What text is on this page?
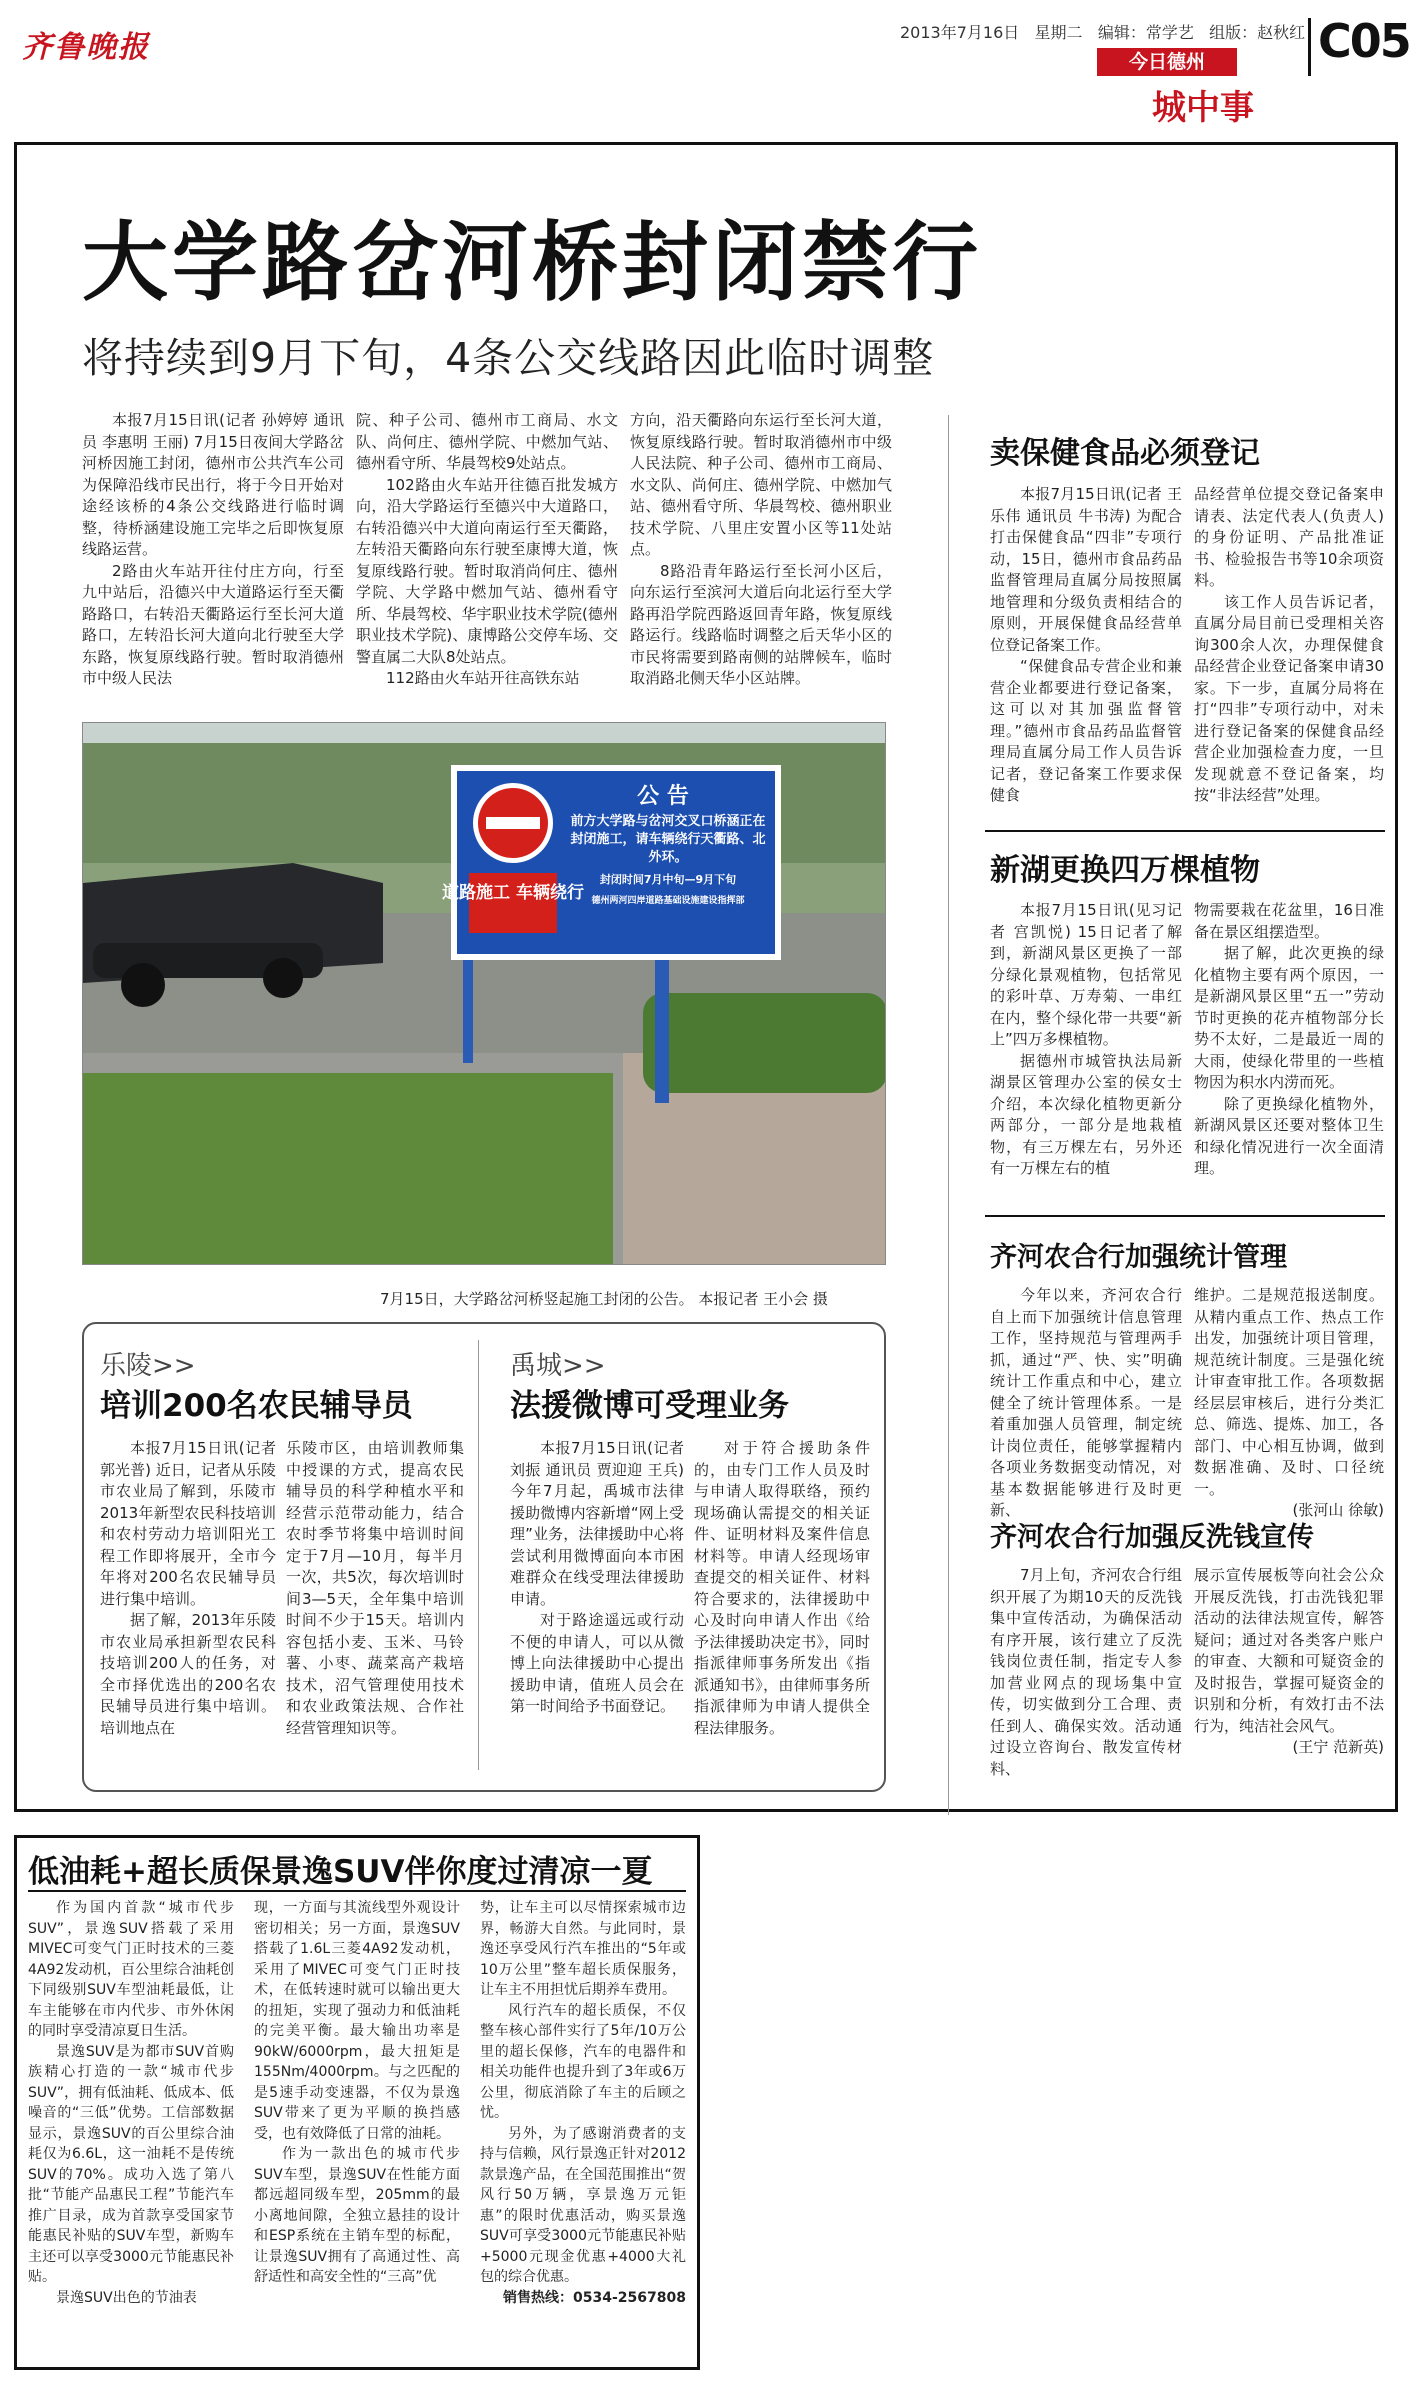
齐鲁晚报	2013年7月16日 星期二 编辑：常学艺 组版：赵秋红 C05
今日德州
城中事
大学路岔河桥封闭禁行
将持续到9月下旬，4条公交线路因此临时调整

本报7月15日讯(记者 孙婷婷 通讯员 李惠明 王丽) 7月15日夜间大学路岔河桥因施工封闭，德州市公共汽车公司为保障沿线市民出行，将于今日开始对途经该桥的4条公交线路进行临时调整，待桥涵建设施工完毕之后即恢复原线路运营。

2路由火车站开往付庄方向，行至九中站后，沿德兴中大道路运行至天衢路路口，右转沿天衢路运行至长河大道路口，左转沿长河大道向北行驶至大学东路，恢复原线路行驶。暂时取消德州市中级人民法

院、种子公司、德州市工商局、水文队、尚何庄、德州学院、中燃加气站、德州看守所、华晨驾校9处站点。

102路由火车站开往德百批发城方向，沿大学路运行至德兴中大道路口，右转沿德兴中大道向南运行至天衢路，左转沿天衢路向东行驶至康博大道，恢复原线路行驶。暂时取消尚何庄、德州学院、大学路中燃加气站、德州看守所、华晨驾校、华宇职业技术学院(德州职业技术学院)、康博路公交停车场、交警直属二大队8处站点。

112路由火车站开往高铁东站

方向，沿天衢路向东运行至长河大道，恢复原线路行驶。暂时取消德州市中级人民法院、种子公司、德州市工商局、水文队、尚何庄、德州学院、中燃加气站、德州看守所、华晨驾校、德州职业技术学院、八里庄安置小区等11处站点。

8路沿青年路运行至长河小区后，向东运行至滨河大道后向北运行至大学路再沿学院西路返回青年路，恢复原线路运行。线路临时调整之后天华小区的市民将需要到路南侧的站牌候车，临时取消路北侧天华小区站牌。

道路施工 车辆绕行
公 告
前方大学路与岔河交叉口桥涵正在封闭施工，请车辆绕行天衢路、北外环。
封闭时间7月中旬—9月下旬
德州两河四岸道路基础设施建设指挥部
7月15日，大学路岔河桥竖起施工封闭的公告。 本报记者 王小会 摄
卖保健食品必须登记

本报7月15日讯(记者 王乐伟 通讯员 牛书涛) 为配合打击保健食品“四非”专项行动，15日，德州市食品药品监督管理局直属分局按照属地管理和分级负责相结合的原则，开展保健食品经营单位登记备案工作。

“保健食品专营企业和兼营企业都要进行登记备案，这可以对其加强监督管理。”德州市食品药品监督管理局直属分局工作人员告诉记者，登记备案工作要求保健食

品经营单位提交登记备案申请表、法定代表人(负责人)的身份证明、产品批准证书、检验报告书等10余项资料。

该工作人员告诉记者，直属分局目前已受理相关咨询300余人次，办理保健食品经营企业登记备案申请30家。下一步，直属分局将在打“四非”专项行动中，对未进行登记备案的保健食品经营企业加强检查力度，一旦发现就意不登记备案，均按“非法经营”处理。

新湖更换四万棵植物

本报7月15日讯(见习记者 宫凯悦) 15日记者了解到，新湖风景区更换了一部分绿化景观植物，包括常见的彩叶草、万寿菊、一串红在内，整个绿化带一共要“新上”四万多棵植物。

据德州市城管执法局新湖景区管理办公室的侯女士介绍，本次绿化植物更新分两部分，一部分是地栽植物，有三万棵左右，另外还有一万棵左右的植

物需要栽在花盆里，16日准备在景区组摆造型。

据了解，此次更换的绿化植物主要有两个原因，一是新湖风景区里“五一”劳动节时更换的花卉植物部分长势不太好，二是最近一周的大雨，使绿化带里的一些植物因为积水内涝而死。

除了更换绿化植物外，新湖风景区还要对整体卫生和绿化情况进行一次全面清理。

齐河农合行加强统计管理

今年以来，齐河农合行自上而下加强统计信息管理工作，坚持规范与管理两手抓，通过“严、快、实”明确统计工作重点和中心，建立健全了统计管理体系。一是着重加强人员管理，制定统计岗位责任，能够掌握精内各项业务数据变动情况，对基本数据能够进行及时更新、

维护。二是规范报送制度。从精内重点工作、热点工作出发，加强统计项目管理，规范统计制度。三是强化统计审查审批工作。各项数据经层层审核后，进行分类汇总、筛选、提炼、加工，各部门、中心相互协调，做到数据准确、及时、口径统一。

(张河山 徐敏)

齐河农合行加强反洗钱宣传

7月上旬，齐河农合行组织开展了为期10天的反洗钱集中宣传活动，为确保活动有序开展，该行建立了反洗钱岗位责任制，指定专人参加营业网点的现场集中宣传，切实做到分工合理、责任到人、确保实效。活动通过设立咨询台、散发宣传材料、

展示宣传展板等向社会公众开展反洗钱，打击洗钱犯罪活动的法律法规宣传，解答疑问；通过对各类客户账户的审查、大额和可疑资金的及时报告，掌握可疑资金的识别和分析，有效打击不法行为，纯洁社会风气。

(王宁 范新英)

乐陵>>
培训200名农民辅导员

本报7月15日讯(记者 郭光普) 近日，记者从乐陵市农业局了解到，乐陵市2013年新型农民科技培训和农村劳动力培训阳光工程工作即将展开，全市今年将对200名农民辅导员进行集中培训。

据了解，2013年乐陵市农业局承担新型农民科技培训200人的任务，对全市择优选出的200名农民辅导员进行集中培训。培训地点在

乐陵市区，由培训教师集中授课的方式，提高农民辅导员的科学种植水平和经营示范带动能力，结合农时季节将集中培训时间定于7月—10月，每半月一次，共5次，每次培训时间3—5天，全年集中培训时间不少于15天。培训内容包括小麦、玉米、马铃薯、小枣、蔬菜高产栽培技术，沼气管理使用技术和农业政策法规、合作社经营管理知识等。

禹城>>
法援微博可受理业务

本报7月15日讯(记者 刘振 通讯员 贾迎迎 王兵) 今年7月起，禹城市法律援助微博内容新增“网上受理”业务，法律援助中心将尝试利用微博面向本市困难群众在线受理法律援助申请。

对于路途遥远或行动不便的申请人，可以从微博上向法律援助中心提出援助申请，值班人员会在第一时间给予书面登记。

对于符合援助条件的，由专门工作人员及时与申请人取得联络，预约现场确认需提交的相关证件、证明材料及案件信息材料等。申请人经现场审查提交的相关证件、材料符合要求的，法律援助中心及时向申请人作出《给予法律援助决定书》，同时指派律师事务所发出《指派通知书》，由律师事务所指派律师为申请人提供全程法律服务。

低油耗+超长质保景逸SUV伴你度过清凉一夏

作为国内首款“城市代步SUV”，景逸SUV搭载了采用MIVEC可变气门正时技术的三菱4A92发动机，百公里综合油耗创下同级别SUV车型油耗最低，让车主能够在市内代步、市外休闲的同时享受清凉夏日生活。

景逸SUV是为都市SUV首购族精心打造的一款“城市代步SUV”，拥有低油耗、低成本、低噪音的“三低”优势。工信部数据显示，景逸SUV的百公里综合油耗仅为6.6L，这一油耗不是传统SUV的70%。成功入选了第八批“节能产品惠民工程”节能汽车推广目录，成为首款享受国家节能惠民补贴的SUV车型，新购车主还可以享受3000元节能惠民补贴。

景逸SUV出色的节油表

现，一方面与其流线型外观设计密切相关；另一方面，景逸SUV搭载了1.6L三菱4A92发动机，采用了MIVEC可变气门正时技术，在低转速时就可以输出更大的扭矩，实现了强动力和低油耗的完美平衡。最大输出功率是90kW/6000rpm，最大扭矩是155Nm/4000rpm。与之匹配的是5速手动变速器，不仅为景逸SUV带来了更为平顺的换挡感受，也有效降低了日常的油耗。

作为一款出色的城市代步SUV车型，景逸SUV在性能方面都远超同级车型，205mm的最小离地间隙，全独立悬挂的设计和ESP系统在主销车型的标配，让景逸SUV拥有了高通过性、高舒适性和高安全性的“三高”优

势，让车主可以尽情探索城市边界，畅游大自然。与此同时，景逸还享受风行汽车推出的“5年或10万公里”整车超长质保服务，让车主不用担忧后期养车费用。

风行汽车的超长质保，不仅整车核心部件实行了5年/10万公里的超长保修，汽车的电器件和相关功能件也提升到了3年或6万公里，彻底消除了车主的后顾之忧。

另外，为了感谢消费者的支持与信赖，风行景逸正针对2012款景逸产品，在全国范围推出“贺风行50万辆，享景逸万元钜惠”的限时优惠活动，购买景逸SUV可享受3000元节能惠民补贴+5000元现金优惠+4000大礼包的综合优惠。

销售热线：0534-2567808
